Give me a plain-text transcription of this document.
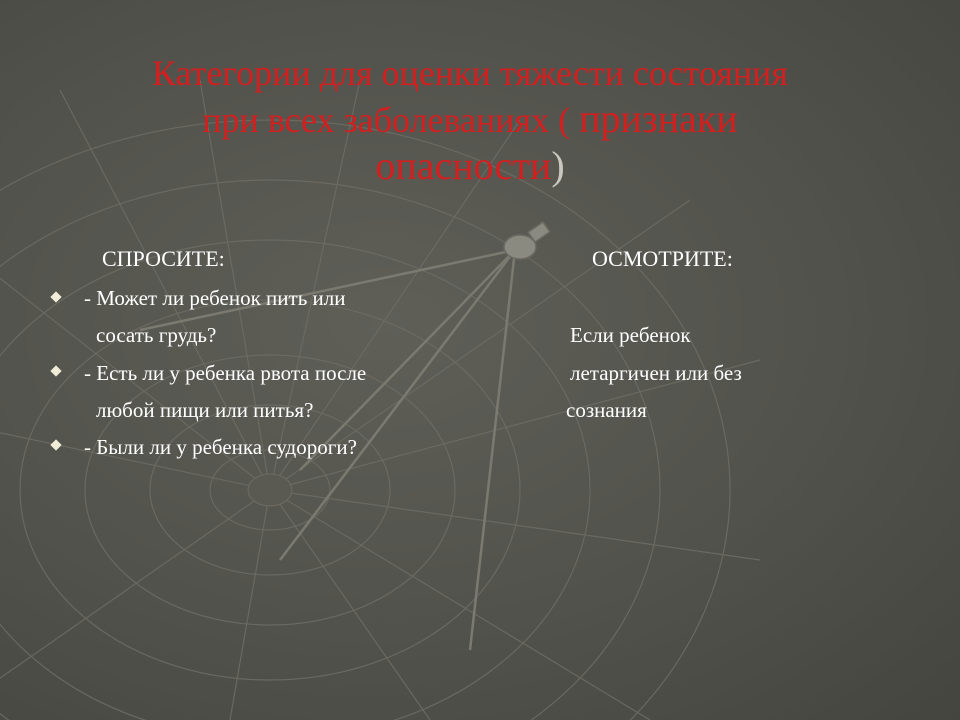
Категории для оценки тяжести состояния
при всех заболеваниях ( признаки
опасности)
СПРОСИТЕ:	ОСМОТРИТЕ:
- Может ли ребенок пить или
сосать грудь?
- Есть ли у ребенка рвота после
любой пищи или питья?
- Были ли у ребенка судороги?
Если ребенок
летаргичен или без
сознания
